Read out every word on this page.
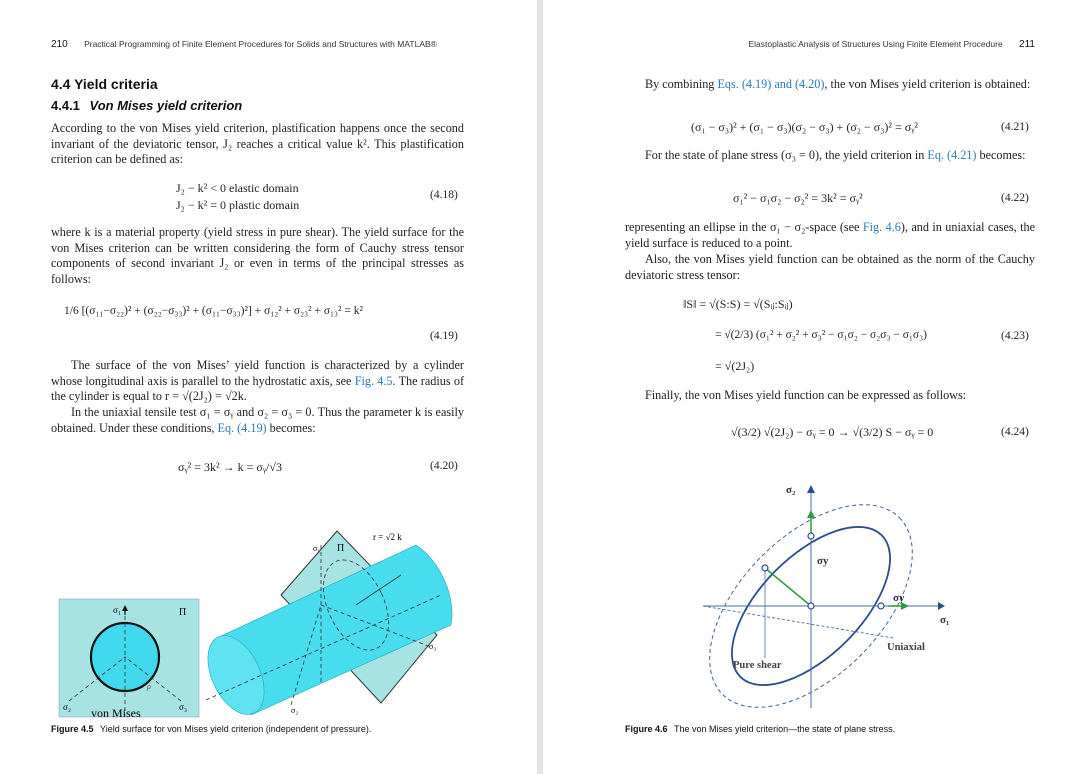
210 Practical Programming of Finite Element Procedures for Solids and Structures with MATLAB®
4.4 Yield criteria
4.4.1 Von Mises yield criterion
According to the von Mises yield criterion, plastification happens once the second invariant of the deviatoric tensor, J₂ reaches a critical value k². This plastification criterion can be defined as:
J₂ − k² < 0 elastic domain
J₂ − k² = 0 plastic domain
(4.18)
where k is a material property (yield stress in pure shear). The yield surface for the von Mises criterion can be written considering the form of Cauchy stress tensor components of second invariant J₂ or even in terms of the principal stresses as follows:
1/6 [(σ₁₁−σ₂₂)² + (σ₂₂−σ₃₃)² + (σ₁₁−σ₃₃)²] + σ₁₂² + σ₂₃² + σ₁₃² = k²
(4.19)
The surface of the von Mises’ yield function is characterized by a cylinder whose longitudinal axis is parallel to the hydrostatic axis, see Fig. 4.5. The radius of the cylinder is equal to r = √(2J₂) = √2k.
In the uniaxial tensile test σ₁ = σᵧ and σ₂ = σ₃ = 0. Thus the parameter k is easily obtained. Under these conditions, Eq. (4.19) becomes:
σᵧ² = 3k² → k = σᵧ/√3	(4.20)
σ₁	Π
σ₂	σ₃
von Mises
ρ
σ₁ Π
r = √2 k
σ₃
σ₂
Figure 4.5 Yield surface for von Mises yield criterion (independent of pressure).
Elastoplastic Analysis of Structures Using Finite Element Procedure 211
By combining Eqs. (4.19) and (4.20), the von Mises yield criterion is obtained:
(σ₁ − σ₃)² + (σ₁ − σ₃)(σ₂ − σ₃) + (σ₂ − σ₃)² = σᵧ²	(4.21)
For the state of plane stress (σ₃ = 0), the yield criterion in Eq. (4.21) becomes:
σ₁² − σ₁σ₂ − σ₂² = 3k² = σᵧ²	(4.22)
representing an ellipse in the σ₁ − σ₂-space (see Fig. 4.6), and in uniaxial cases, the yield surface is reduced to a point.
Also, the von Mises yield function can be obtained as the norm of the Cauchy deviatoric stress tensor:
‖S‖ = √(S:S) = √(Sᵢⱼ:Sᵢⱼ)
= √(2/3) (σ₁² + σ₂² + σ₃² − σ₁σ₂ − σ₂σ₃ − σ₁σ₃)
= √(2J₂)
(4.23)
Finally, the von Mises yield function can be expressed as follows:
√(3/2) √(2J₂) − σᵧ = 0 → √(3/2) S − σᵧ = 0	(4.24)
σ₂
σ₁
σy
σy
Uniaxial
Pure shear
Figure 4.6 The von Mises yield criterion—the state of plane stress.
